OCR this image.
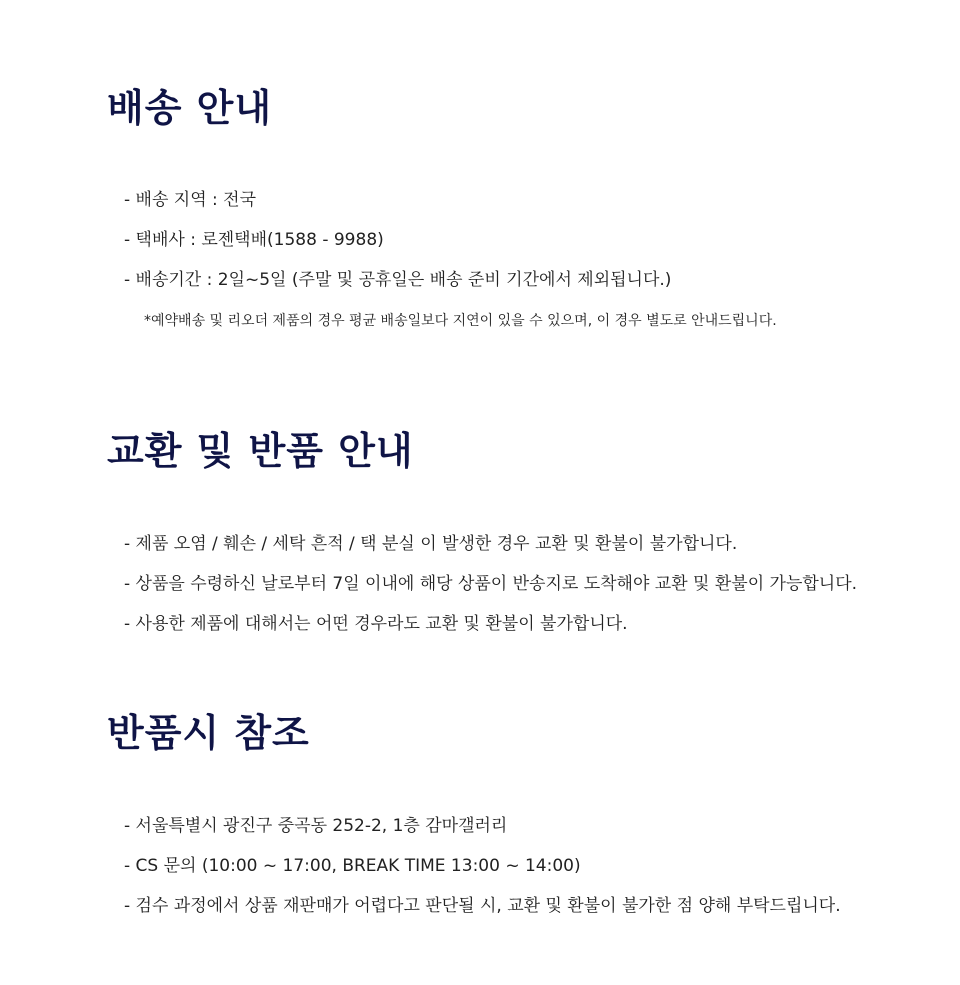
배송 안내
- 배송 지역 : 전국
- 택배사 : 로젠택배(1588 - 9988)
- 배송기간 : 2일~5일 (주말 및 공휴일은 배송 준비 기간에서 제외됩니다.)
*예약배송 및 리오더 제품의 경우 평균 배송일보다 지연이 있을 수 있으며, 이 경우 별도로 안내드립니다.
교환 및 반품 안내
- 제품 오염 / 훼손 / 세탁 흔적 / 택 분실 이 발생한 경우 교환 및 환불이 불가합니다.
- 상품을 수령하신 날로부터 7일 이내에 해당 상품이 반송지로 도착해야 교환 및 환불이 가능합니다.
- 사용한 제품에 대해서는 어떤 경우라도 교환 및 환불이 불가합니다.
반품시 참조
- 서울특별시 광진구 중곡동 252-2, 1층 감마갤러리
- CS 문의 (10:00 ~ 17:00, BREAK TIME 13:00 ~ 14:00)
- 검수 과정에서 상품 재판매가 어렵다고 판단될 시, 교환 및 환불이 불가한 점 양해 부탁드립니다.
